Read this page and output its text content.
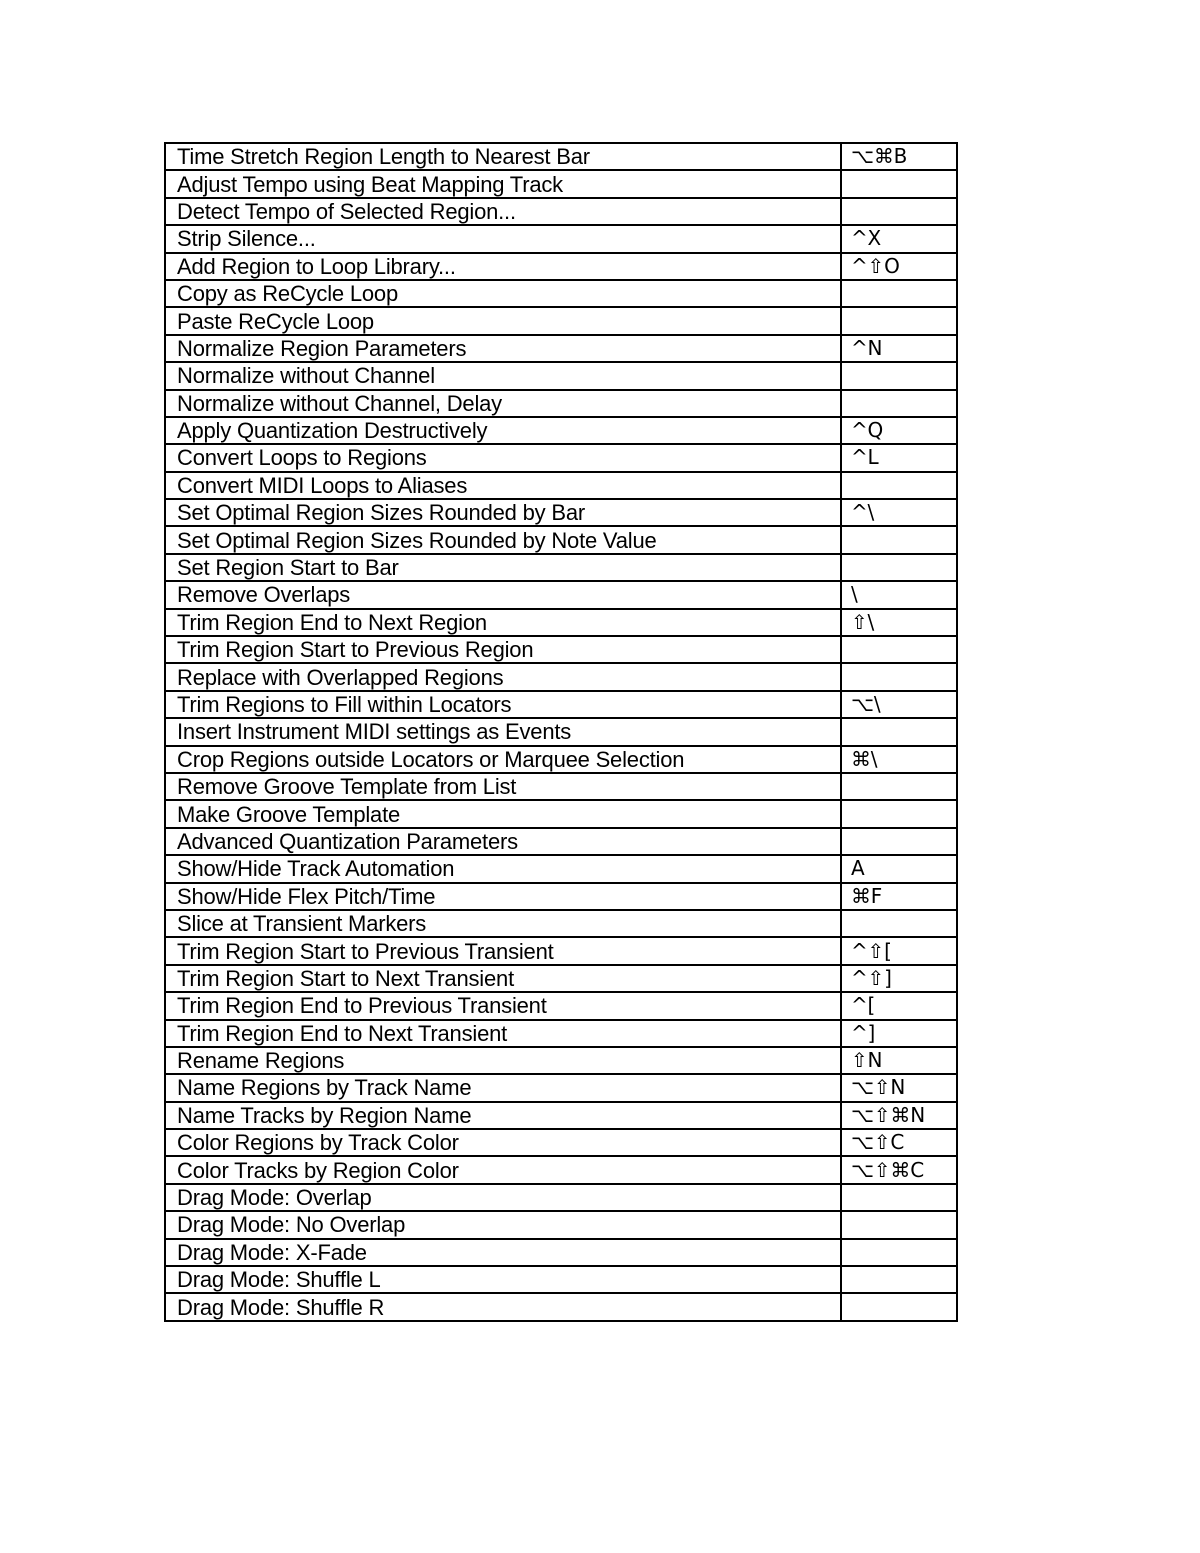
Time Stretch Region Length to Nearest Bar	⌥⌘B
Adjust Tempo using Beat Mapping Track	
Detect Tempo of Selected Region...	
Strip Silence...	^X
Add Region to Loop Library...	^⇧O
Copy as ReCycle Loop	
Paste ReCycle Loop	
Normalize Region Parameters	^N
Normalize without Channel	
Normalize without Channel, Delay	
Apply Quantization Destructively	^Q
Convert Loops to Regions	^L
Convert MIDI Loops to Aliases	
Set Optimal Region Sizes Rounded by Bar	^\
Set Optimal Region Sizes Rounded by Note Value	
Set Region Start to Bar	
Remove Overlaps	\
Trim Region End to Next Region	⇧\
Trim Region Start to Previous Region	
Replace with Overlapped Regions	
Trim Regions to Fill within Locators	⌥\
Insert Instrument MIDI settings as Events	
Crop Regions outside Locators or Marquee Selection	⌘\
Remove Groove Template from List	
Make Groove Template	
Advanced Quantization Parameters	
Show/Hide Track Automation	A
Show/Hide Flex Pitch/Time	⌘F
Slice at Transient Markers	
Trim Region Start to Previous Transient	^⇧[
Trim Region Start to Next Transient	^⇧]
Trim Region End to Previous Transient	^[
Trim Region End to Next Transient	^]
Rename Regions	⇧N
Name Regions by Track Name	⌥⇧N
Name Tracks by Region Name	⌥⇧⌘N
Color Regions by Track Color	⌥⇧C
Color Tracks by Region Color	⌥⇧⌘C
Drag Mode: Overlap	
Drag Mode: No Overlap	
Drag Mode: X-Fade	
Drag Mode: Shuffle L	
Drag Mode: Shuffle R	
